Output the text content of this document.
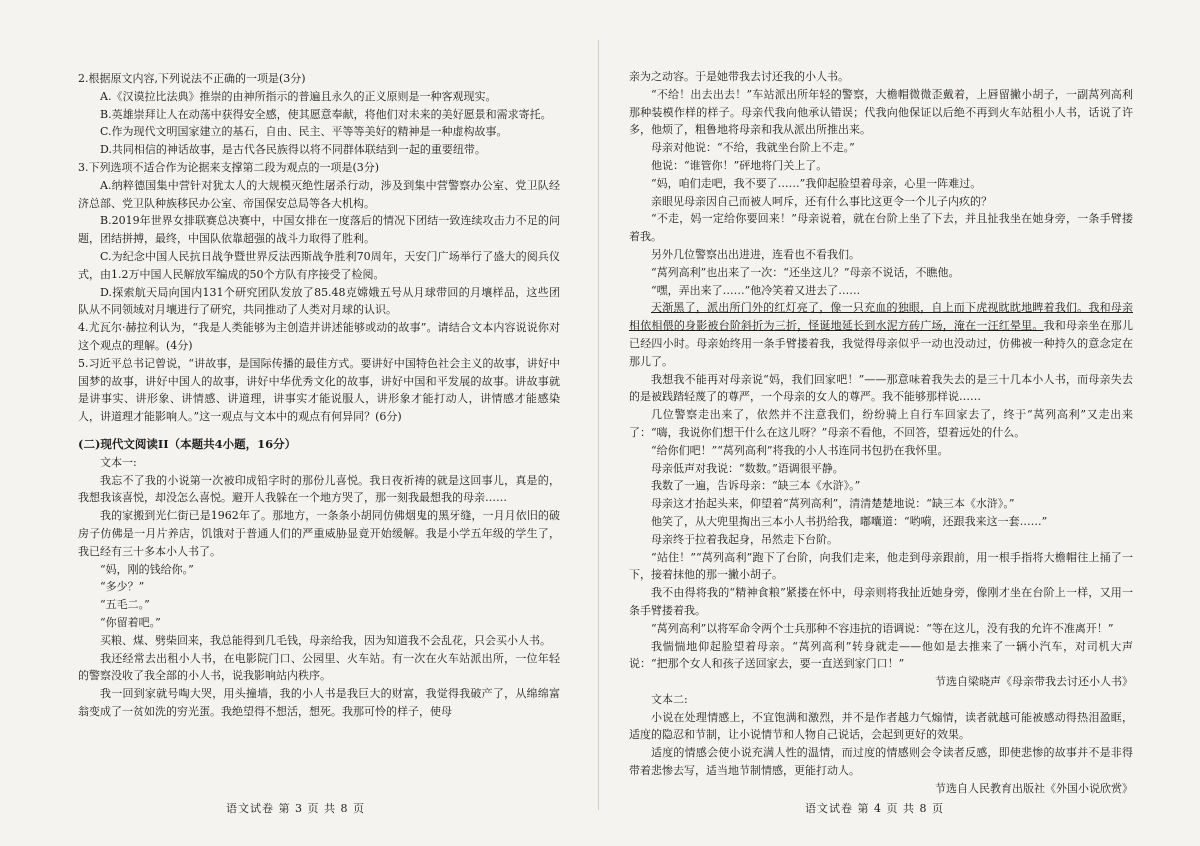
2.根据原文内容,下列说法不正确的一项是(3分)

A.《汉谟拉比法典》推崇的由神所指示的普遍且永久的正义原则是一种客观现实。

B.英雄崇拜让人在动荡中获得安全感，使其愿意奉献，将他们对未来的美好愿景和需求寄托。

C.作为现代文明国家建立的基石，自由、民主、平等等美好的精神是一种虚构故事。

D.共同相信的神话故事，是古代各民族得以将不同群体联结到一起的重要纽带。

3.下列选项不适合作为论据来支撑第二段为观点的一项是(3分)

A.纳粹德国集中营针对犹太人的大规模灭绝性屠杀行动，涉及到集中营警察办公室、党卫队经济总部、党卫队种族移民办公室、帝国保安总局等各大机构。

B.2019年世界女排联赛总决赛中，中国女排在一度落后的情况下团结一致连续攻击力不足的问题，团结拼搏，最终，中国队依靠超强的战斗力取得了胜利。

C.为纪念中国人民抗日战争暨世界反法西斯战争胜利70周年，天安门广场举行了盛大的阅兵仪式，由1.2万中国人民解放军编成的50个方队有序接受了检阅。

D.探索航天局向国内131个研究团队发放了85.48克嫦娥五号从月球带回的月壤样品，这些团队从不同领域对月壤进行了研究，共同推动了人类对月球的认识。

4.尤瓦尔·赫拉利认为，“我是人类能够为主创造并讲述能够或动的故事”。请结合文本内容说说你对这个观点的理解。(4分)

5.习近平总书记曾说，“讲故事，是国际传播的最佳方式。要讲好中国特色社会主义的故事，讲好中国梦的故事，讲好中国人的故事，讲好中华优秀文化的故事，讲好中国和平发展的故事。讲故事就是讲事实、讲形象、讲情感、讲道理，讲事实才能说服人，讲形象才能打动人，讲情感才能感染人，讲道理才能影响人。”这一观点与文本中的观点有何异同？(6分)

(二)现代文阅读II（本题共4小题，16分）

文本一:

我忘不了我的小说第一次被印成铅字时的那份儿喜悦。我日夜祈祷的就是这回事儿，真是的，我想我该喜悦，却没怎么喜悦。避开人我躲在一个地方哭了，那一刻我最想我的母亲……

我的家搬到光仁街已是1962年了。那地方，一条条小胡同仿佛烟鬼的黑牙缝，一月月依旧的破房子仿佛是一月片养店，饥饿对于普通人们的严重威胁显竟开始缓解。我是小学五年级的学生了，我已经有三十多本小人书了。

“妈，刚的钱给你。”

“多少？”

“五毛二。”

“你留着吧。”

买粮、煤、劈柴回来，我总能得到几毛钱，母亲给我，因为知道我不会乱花，只会买小人书。

我还经常去出租小人书，在电影院门口、公园里、火车站。有一次在火车站派出所，一位年轻的警察没收了我全部的小人书，说我影响站内秩序。

我一回到家就号啕大哭，用头撞墙，我的小人书是我巨大的财富，我觉得我破产了，从绵绵富翁变成了一贫如洗的穷光蛋。我绝望得不想活，想死。我那可怜的样子，使母

语文试卷 第 3 页 共 8 页

亲为之动容。于是她带我去讨还我的小人书。

“不给！出去出去！”车站派出所年轻的警察，大檐帽微微歪戴着，上唇留撇小胡子，一副莴列高利那种装模作样的样子。母亲代我向他承认错误；代我向他保证以后绝不再到火车站租小人书，话说了许多，他烦了，粗鲁地将母亲和我从派出所推出来。

母亲对他说：“不给，我就坐台阶上不走。”

他说：“谁管你！”砰地将门关上了。

“妈，咱们走吧，我不要了……”我仰起脸望着母亲，心里一阵难过。

亲眼见母亲因自己而被人呵斥，还有什么事比这更令一个儿子内疚的？

“不走，妈一定给你要回来！”母亲说着，就在台阶上坐了下去，并且扯我坐在她身旁，一条手臂搂着我。

另外几位警察出出进进，连看也不看我们。

“莴列高利”也出来了一次：“还坐这儿？”母亲不说话，不瞧他。

“嘿，弄出来了……”他冷笑着又进去了……

天渐黑了，派出所门外的红灯亮了，像一只充血的独眼，自上而下虎视眈眈地睥着我们。我和母亲相依相偎的身影被台阶斜折为三折，怪诞地延长到水泥方砖广场，淹在一汪红晕里。我和母亲坐在那儿已经四小时。母亲始终用一条手臂搂着我，我觉得母亲似乎一动也没动过，仿佛被一种持久的意念定在那儿了。

我想我不能再对母亲说“妈，我们回家吧！”——那意味着我失去的是三十几本小人书，而母亲失去的是被践踏轻蔑了的尊严，一个母亲的女人的尊严。我不能够那样说……

几位警察走出来了，依然并不注意我们，纷纷骑上自行车回家去了，终于“莴列高利”又走出来了：“嗨，我说你们想干什么在这儿呀？”母亲不看他，不回答，望着远处的什么。

“给你们吧！”“莴列高利”将我的小人书连同书包扔在我怀里。

母亲低声对我说：“数数。”语调很平静。

我数了一遍，告诉母亲：“缺三本《水浒》。”

母亲这才抬起头来，仰望着“莴列高利”，清清楚楚地说：“缺三本《水浒》。”

他笑了，从大兜里掏出三本小人书扔给我，嘟囔道：“哟嗬，还跟我来这一套……”

母亲终于拉着我起身，吊然走下台阶。

“站住！”“莴列高利”跑下了台阶，向我们走来，他走到母亲跟前，用一根手指将大檐帽往上捅了一下，接着抹他的那一撇小胡子。

我不由得将我的“精神食粮”紧搂在怀中，母亲则将我扯近她身旁，像刚才坐在台阶上一样，又用一条手臂搂着我。

“莴列高利”以将军命令两个士兵那种不容违抗的语调说：“等在这儿，没有我的允许不准离开！”

我惴惴地仰起脸望着母亲。“莴列高利”转身就走——他如是去推来了一辆小汽车，对司机大声说：“把那个女人和孩子送回家去，要一直送到家门口！”

节选自梁晓声《母亲带我去讨还小人书》

文本二:

小说在处理情感上，不宜饱满和激烈，并不是作者越力气煽情，读者就越可能被感动得热泪盈眶，适度的隐忍和节制，让小说情节和人物自己说话，会起到更好的效果。

适度的情感会使小说充满人性的温情，而过度的情感则会令读者反感，即使悲惨的故事并不是非得带着悲惨去写，适当地节制情感，更能打动人。

节选自人民教育出版社《外国小说欣赏》

语文试卷 第 4 页 共 8 页
